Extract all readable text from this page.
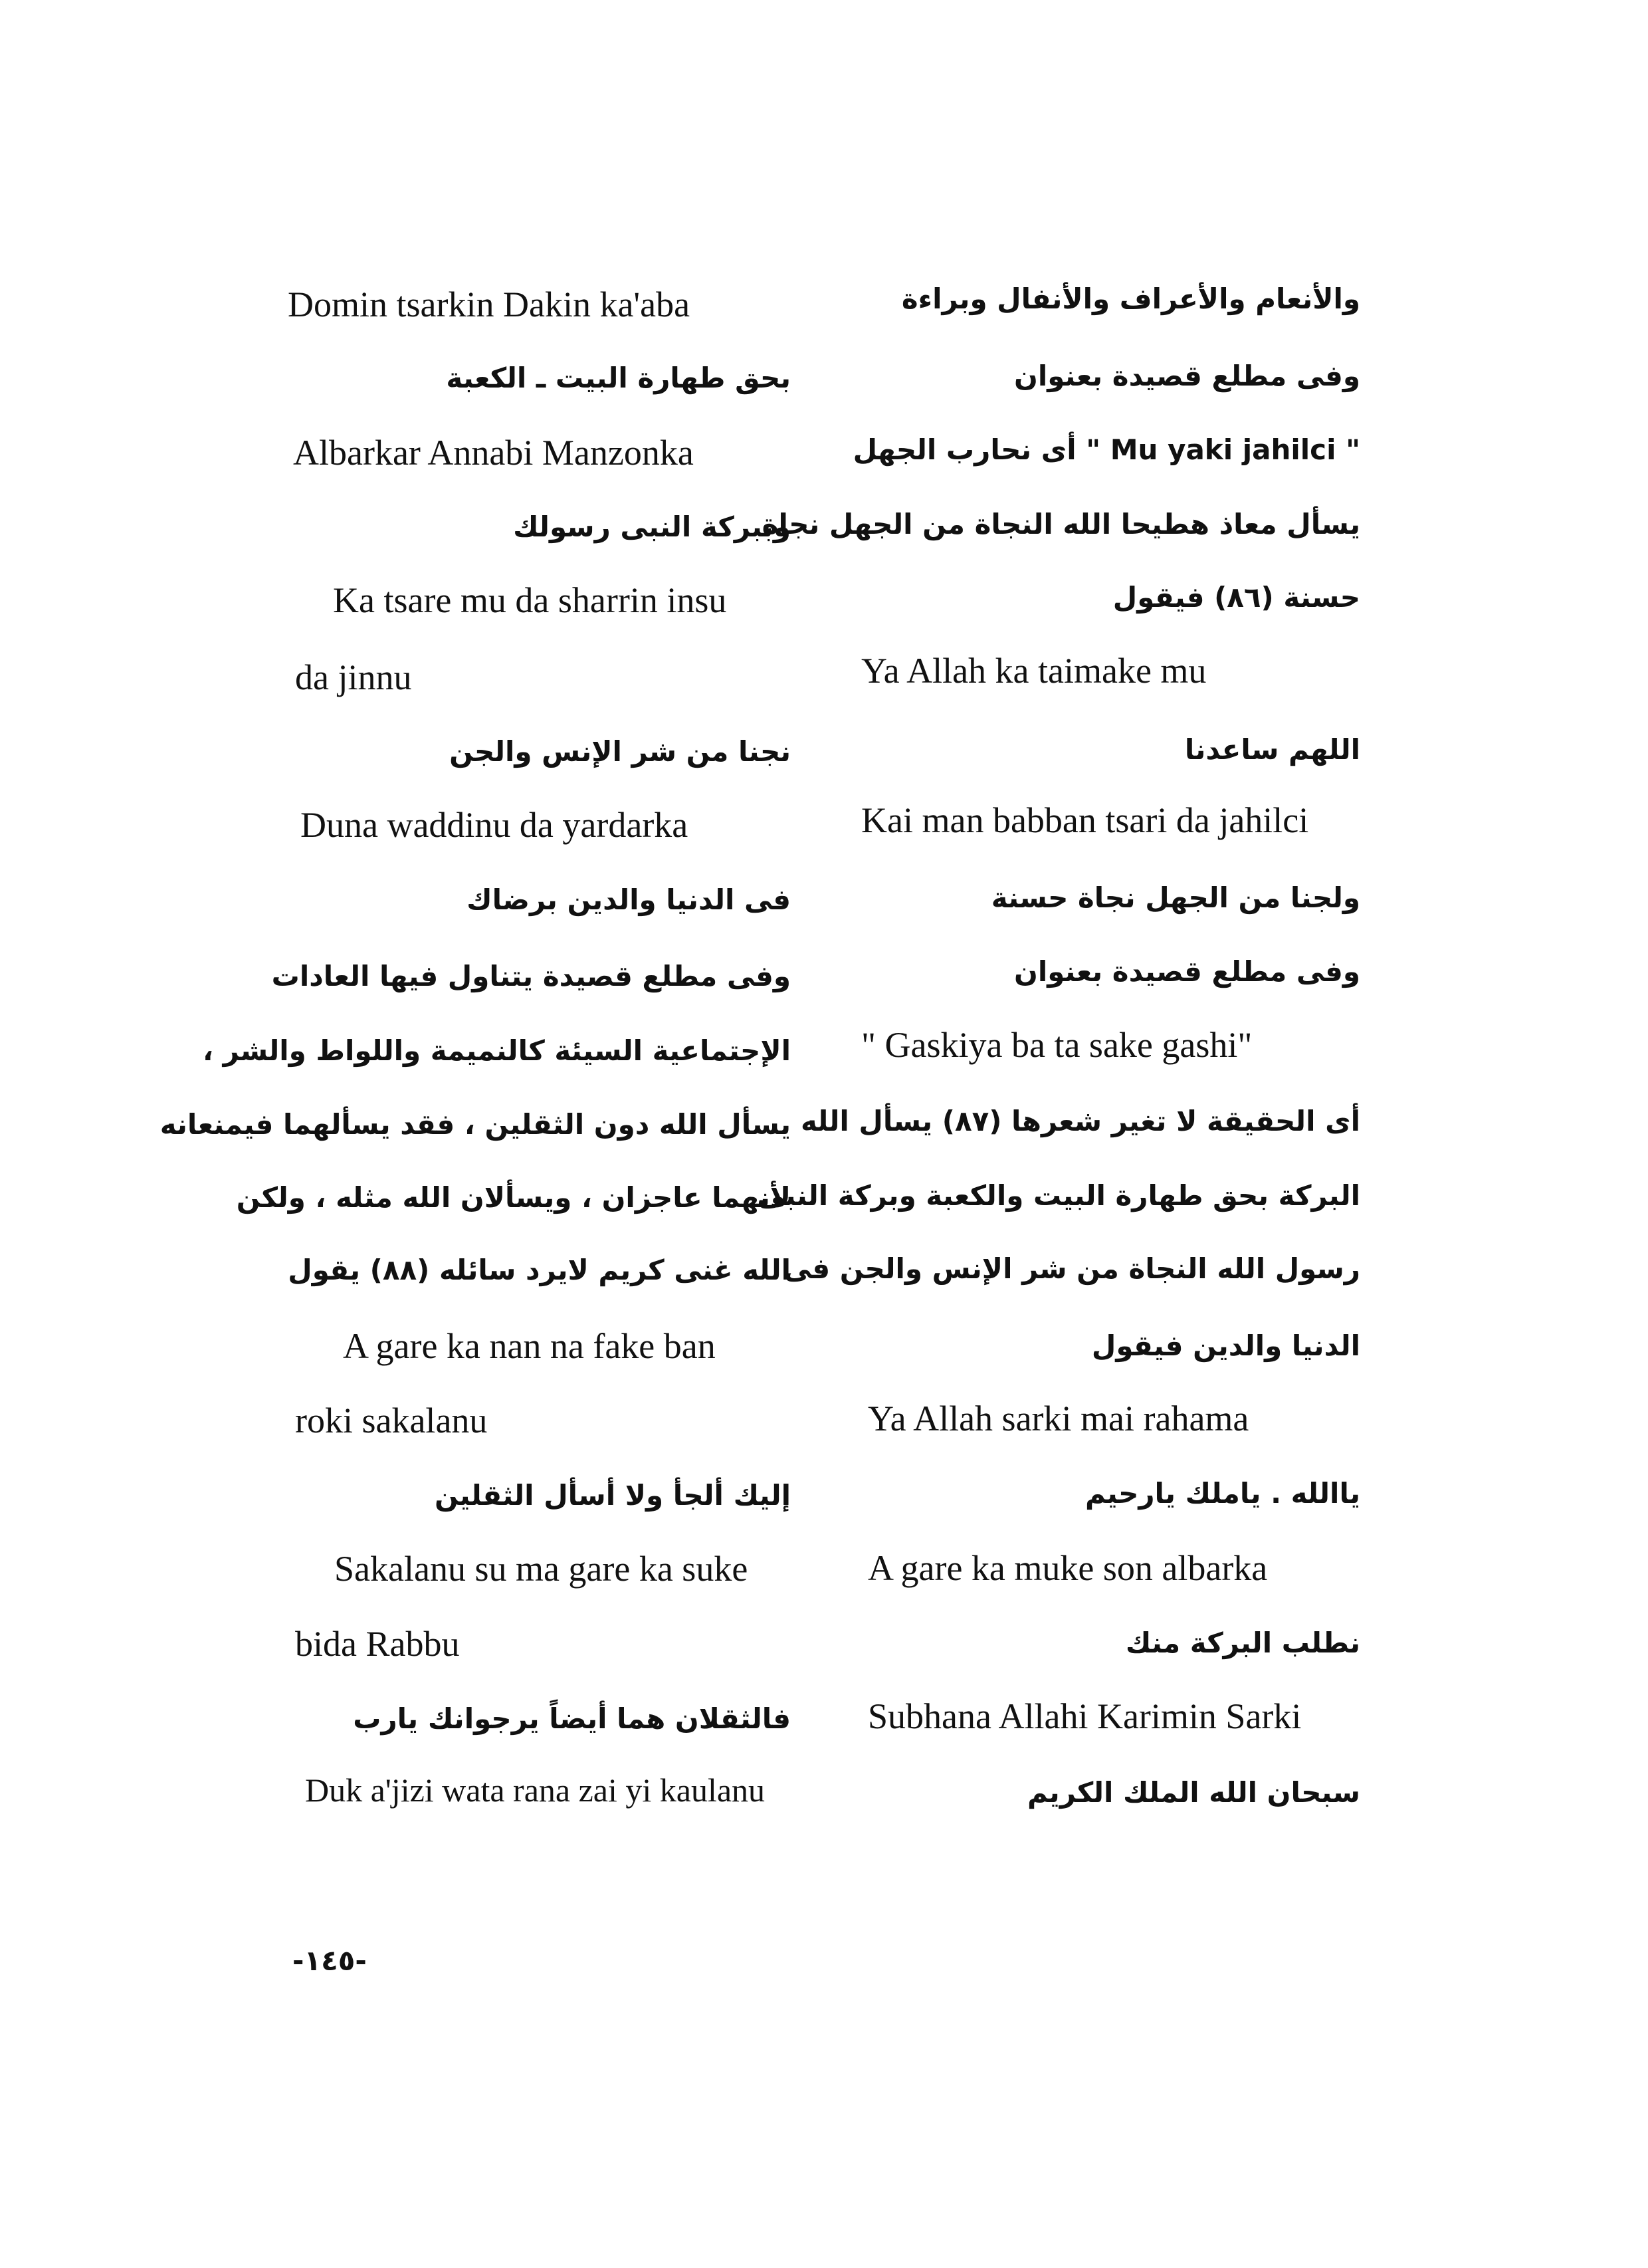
والأنعام والأعراف والأنفال وبراءة
وفى مطلع قصيدة بعنوان
" Mu yaki jahilci " أى نحارب الجهل
يسأل معاذ هطيحا الله النجاة من الجهل نجاة
حسنة (٨٦) فيقول
Ya Allah ka taimake mu
اللهم ساعدنا
Kai man babban tsari da jahilci
ولجنا من الجهل نجاة حسنة
وفى مطلع قصيدة بعنوان
" Gaskiya ba ta sake gashi"
أى الحقيقة لا تغير شعرها (٨٧) يسأل الله
البركة بحق طهارة البيت والكعبة وبركة النبى
رسول الله النجاة من شر الإنس والجن فى
الدنيا والدين فيقول
Ya Allah sarki mai rahama
ياالله . ياملك يارحيم
A gare ka muke son albarka
نطلب البركة منك
Subhana Allahi Karimin Sarki
سبحان الله الملك الكريم
Domin tsarkin Dakin ka'aba
بحق طهارة البيت ـ الكعبة
Albarkar Annabi Manzonka
وببركة النبى رسولك
Ka tsare mu da sharrin insu
da jinnu
نجنا من شر الإنس والجن
Duna waddinu da yardarka
فى الدنيا والدين برضاك
وفى مطلع قصيدة يتناول فيها العادات
الإجتماعية السيئة كالنميمة واللواط والشر ،
يسأل الله دون الثقلين ، فقد يسألهما فيمنعانه
لأنهما عاجزان ، ويسألان الله مثله ، ولكن
الله غنى كريم لايرد سائله (٨٨) يقول
A gare ka nan na fake ban
roki sakalanu
إليك ألجأ ولا أسأل الثقلين
Sakalanu su ma gare ka suke
bida Rabbu
فالثقلان هما أيضاً يرجوانك يارب
Duk a'jizi wata rana zai yi kaulanu
-١٤٥-
